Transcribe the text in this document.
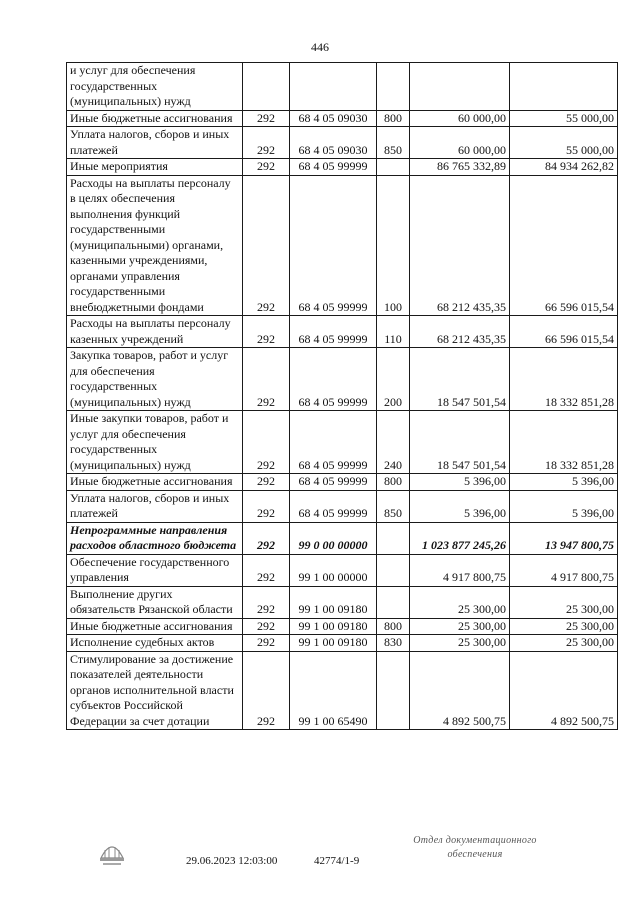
446
и услуг для обеспечения государственных (муниципальных) нужд					
Иные бюджетные ассигнования	292	68 4 05 09030	800	60 000,00	55 000,00
Уплата налогов, сборов и иных платежей	292	68 4 05 09030	850	60 000,00	55 000,00
Иные мероприятия	292	68 4 05 99999		86 765 332,89	84 934 262,82
Расходы на выплаты персоналу в целях обеспечения выполнения функций государственными (муниципальными) органами, казенными учреждениями, органами управления государственными внебюджетными фондами	292	68 4 05 99999	100	68 212 435,35	66 596 015,54
Расходы на выплаты персоналу казенных учреждений	292	68 4 05 99999	110	68 212 435,35	66 596 015,54
Закупка товаров, работ и услуг для обеспечения государственных (муниципальных) нужд	292	68 4 05 99999	200	18 547 501,54	18 332 851,28
Иные закупки товаров, работ и услуг для обеспечения государственных (муниципальных) нужд	292	68 4 05 99999	240	18 547 501,54	18 332 851,28
Иные бюджетные ассигнования	292	68 4 05 99999	800	5 396,00	5 396,00
Уплата налогов, сборов и иных платежей	292	68 4 05 99999	850	5 396,00	5 396,00
Непрограммные направления расходов областного бюджета	292	99 0 00 00000		1 023 877 245,26	13 947 800,75
Обеспечение государственного управления	292	99 1 00 00000		4 917 800,75	4 917 800,75
Выполнение других обязательств Рязанской области	292	99 1 00 09180		25 300,00	25 300,00
Иные бюджетные ассигнования	292	99 1 00 09180	800	25 300,00	25 300,00
Исполнение судебных актов	292	99 1 00 09180	830	25 300,00	25 300,00
Стимулирование за достижение показателей деятельности органов исполнительной власти субъектов Российской Федерации за счет дотации	292	99 1 00 65490		4 892 500,75	4 892 500,75
29.06.2023 12:03:00	42774/1-9
Отдел документационного
обеспечения
